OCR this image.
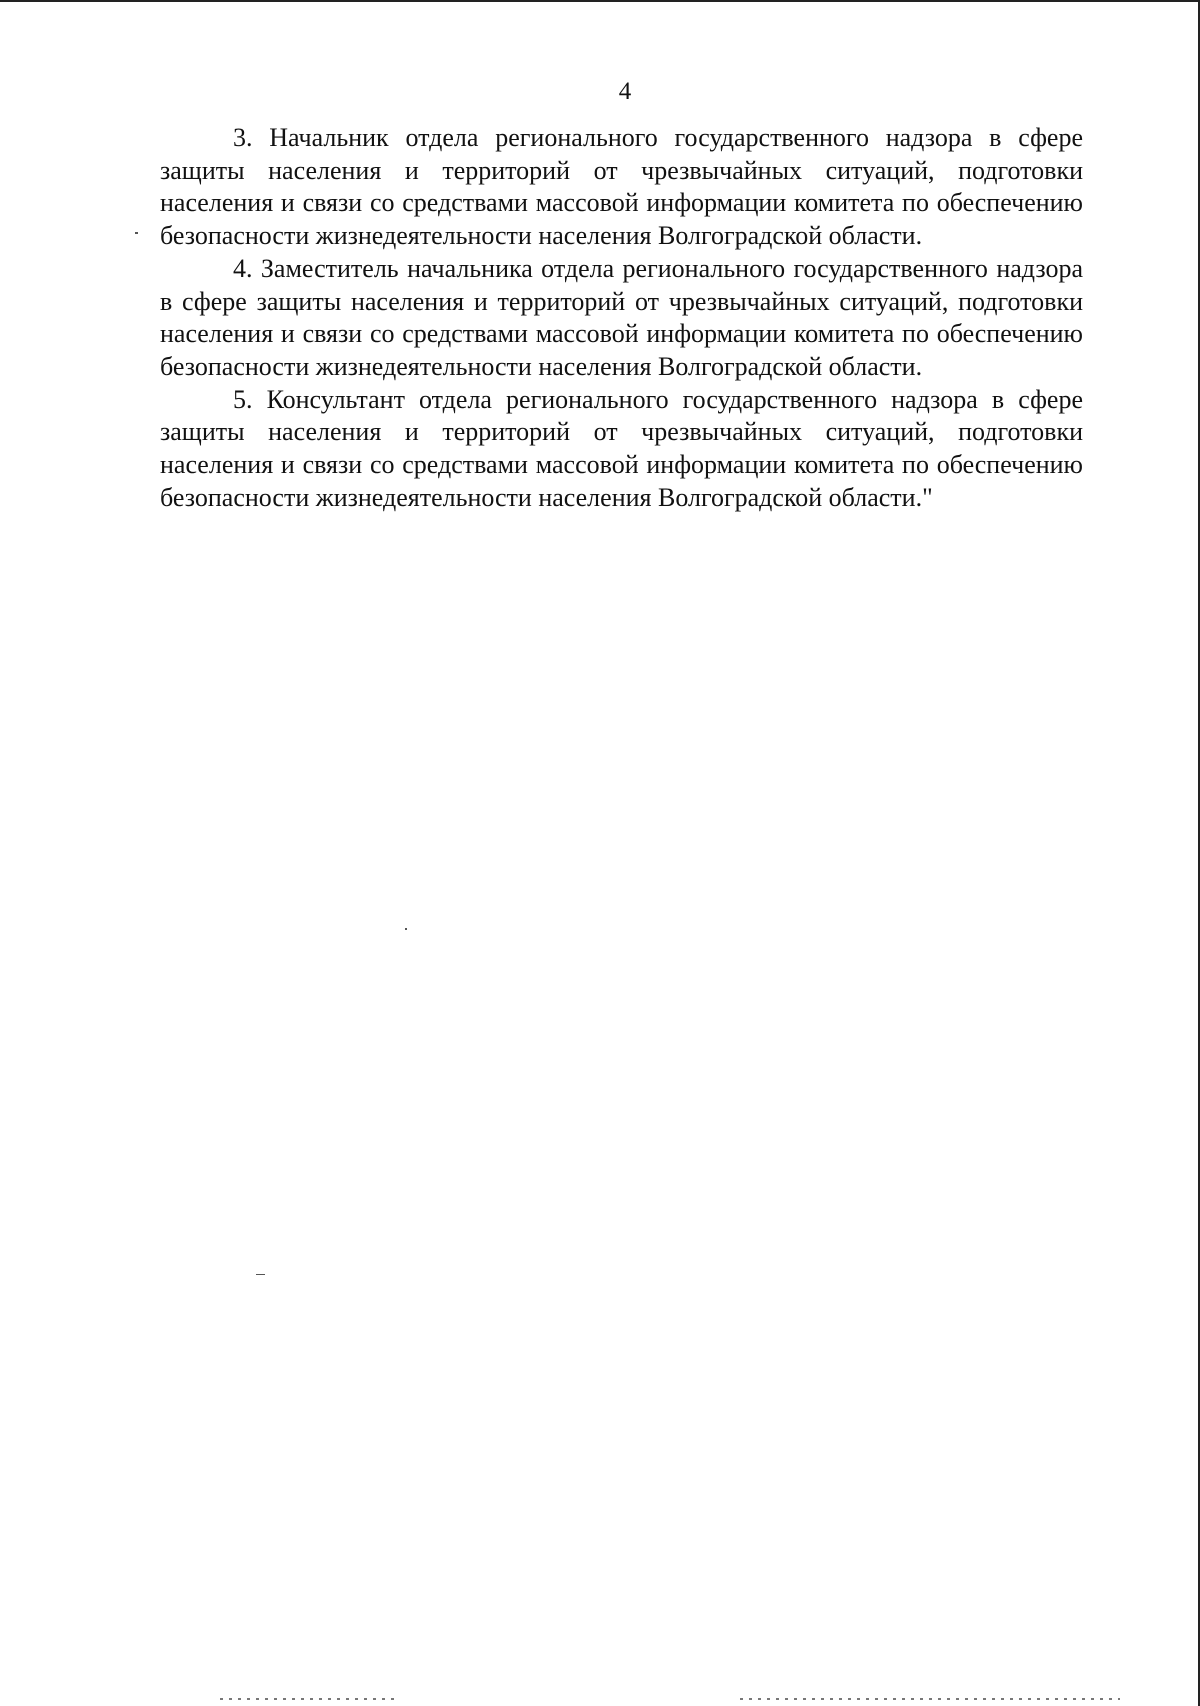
4

3. Начальник отдела регионального государственного надзора в сфере защиты населения и территорий от чрезвычайных ситуаций, подготовки населения и связи со средствами массовой информации комитета по обеспечению безопасности жизнедеятельности населения Волгоградской области.

4. Заместитель начальника отдела регионального государственного надзора в сфере защиты населения и территорий от чрезвычайных ситуаций, подготовки населения и связи со средствами массовой информации комитета по обеспечению безопасности жизнедеятельности населения Волгоградской области.

5. Консультант отдела регионального государственного надзора в сфере защиты населения и территорий от чрезвычайных ситуаций, подготовки населения и связи со средствами массовой информации комитета по обеспечению безопасности жизнедеятельности населения Волгоградской области."
